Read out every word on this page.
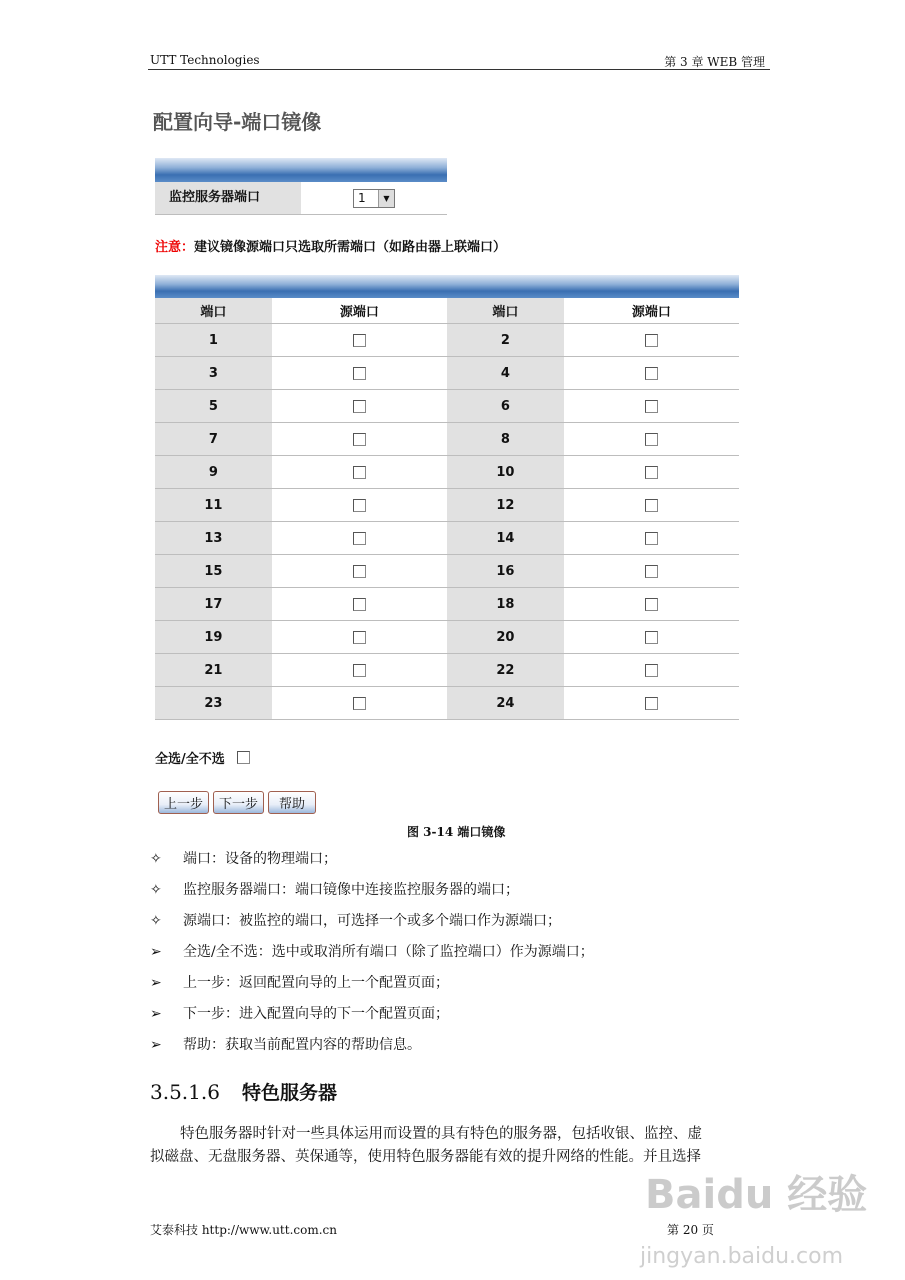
UTT Technologies	第 3 章 WEB 管理
配置向导-端口镜像
监控服务器端口	1	▼
注意：建议镜像源端口只选取所需端口（如路由器上联端口）
端口	源端口	端口	源端口
1		2	
3		4	
5		6	
7		8	
9		10	
11		12	
13		14	
15		16	
17		18	
19		20	
21		22	
23		24	
全选/全不选
上一步 下一步 帮助
图 3-14 端口镜像
✧ 端口：设备的物理端口；
✧ 监控服务器端口：端口镜像中连接监控服务器的端口；
✧ 源端口：被监控的端口，可选择一个或多个端口作为源端口；
➢ 全选/全不选：选中或取消所有端口（除了监控端口）作为源端口；
➢ 上一步：返回配置向导的上一个配置页面；
➢ 下一步：进入配置向导的下一个配置页面；
➢ 帮助：获取当前配置内容的帮助信息。
3.5.1.6 特色服务器
特色服务器时针对一些具体运用而设置的具有特色的服务器，包括收银、监控、虚
拟磁盘、无盘服务器、英保通等，使用特色服务器能有效的提升网络的性能。并且选择
Baidu 经验
jingyan.baidu.com
艾泰科技 http://www.utt.com.cn	第 20 页
